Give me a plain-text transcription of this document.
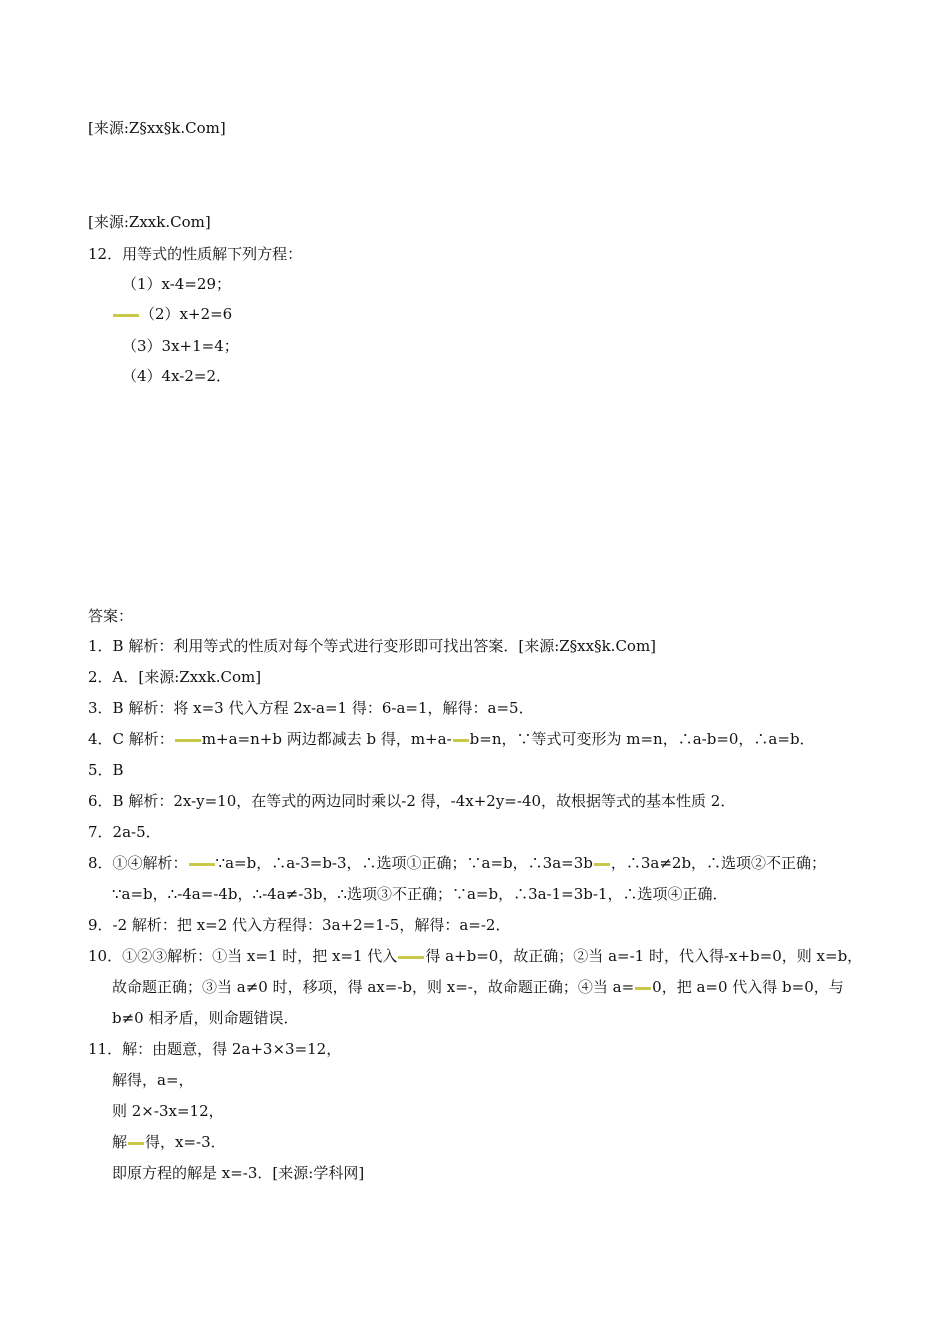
[来源:Z§xx§k.Com]
[来源:Zxxk.Com]
12．用等式的性质解下列方程：
（1）x-4=29；
（2）x+2=6
（3）3x+1=4；
（4）4x-2=2．
答案：
1．B 解析：利用等式的性质对每个等式进行变形即可找出答案．[来源:Z§xx§k.Com]
2．A．[来源:Zxxk.Com]
3．B 解析：将 x=3 代入方程 2x-a=1 得：6-a=1，解得：a=5．
4．C 解析： m+a=n+b 两边都减去 b 得，m+a- b=n，∵等式可变形为 m=n，∴a-b=0，∴a=b．
5．B
6．B 解析：2x-y=10，在等式的两边同时乘以-2 得，-4x+2y=-40，故根据等式的基本性质 2．
7．2a-5．
8．①④解析： ∵a=b，∴a-3=b-3，∴选项①正确；∵a=b，∴3a=3b ，∴3a≠2b，∴选项②不正确；
∵a=b，∴-4a=-4b，∴-4a≠-3b，∴选项③不正确；∵a=b，∴3a-1=3b-1，∴选项④正确．
9．-2 解析：把 x=2 代入方程得：3a+2=1-5，解得：a=-2．
10．①②③解析：①当 x=1 时，把 x=1 代入 得 a+b=0，故正确；②当 a=-1 时，代入得-x+b=0，则 x=b，
故命题正确；③当 a≠0 时，移项，得 ax=-b，则 x=-，故命题正确；④当 a= 0，把 a=0 代入得 b=0，与
b≠0 相矛盾，则命题错误．
11．解：由题意，得 2a+3×3=12，
解得，a=，
则 2×-3x=12，
解 得，x=-3．
即原方程的解是 x=-3．[来源:学科网]
